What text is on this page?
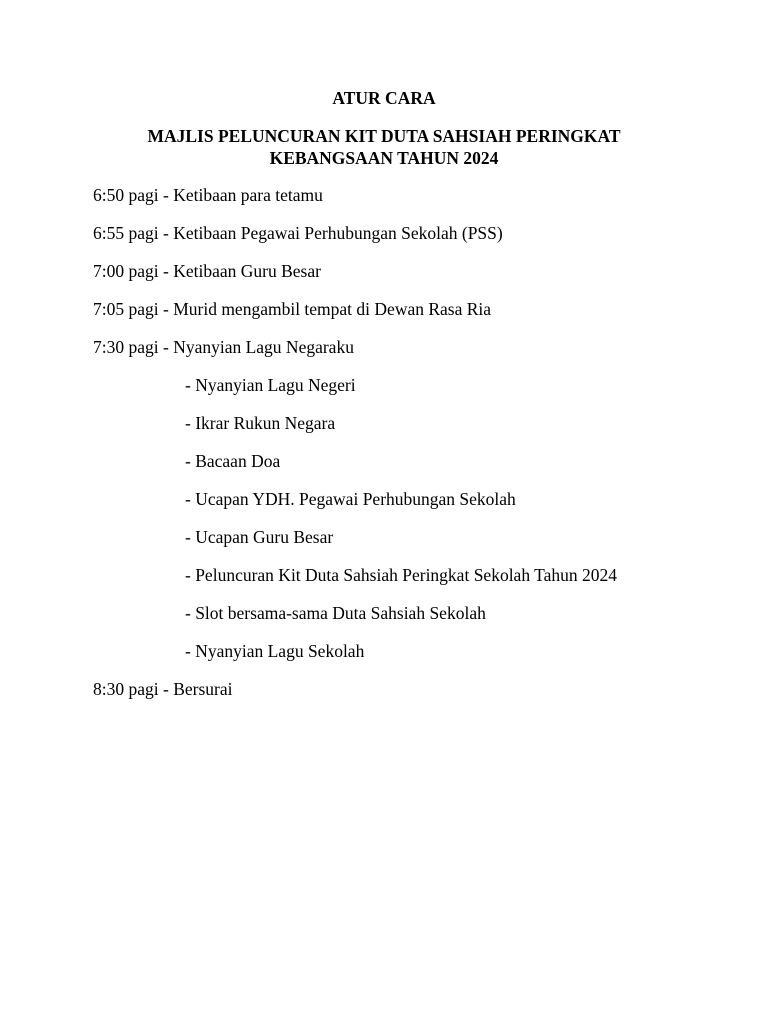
ATUR CARA
MAJLIS PELUNCURAN KIT DUTA SAHSIAH PERINGKAT
KEBANGSAAN TAHUN 2024
6:50 pagi - Ketibaan para tetamu
6:55 pagi - Ketibaan Pegawai Perhubungan Sekolah (PSS)
7:00 pagi - Ketibaan Guru Besar
7:05 pagi - Murid mengambil tempat di Dewan Rasa Ria
7:30 pagi - Nyanyian Lagu Negaraku
- Nyanyian Lagu Negeri
- Ikrar Rukun Negara
- Bacaan Doa
- Ucapan YDH. Pegawai Perhubungan Sekolah
- Ucapan Guru Besar
- Peluncuran Kit Duta Sahsiah Peringkat Sekolah Tahun 2024
- Slot bersama-sama Duta Sahsiah Sekolah
- Nyanyian Lagu Sekolah
8:30 pagi - Bersurai
